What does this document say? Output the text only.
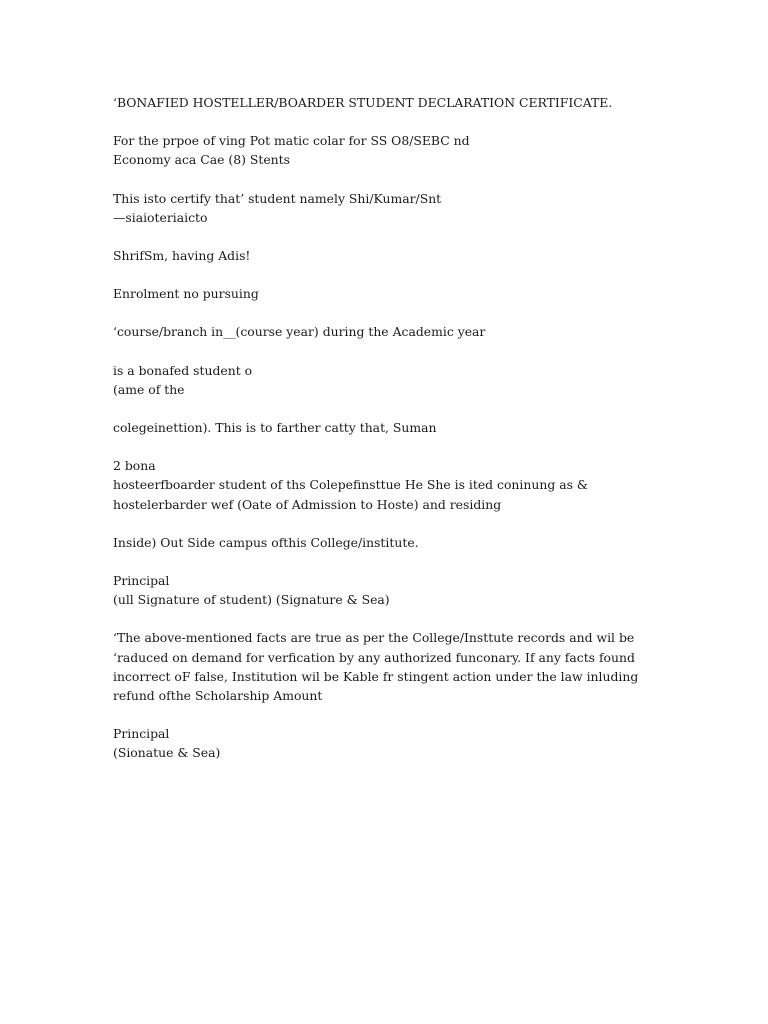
‘BONAFIED HOSTELLER/BOARDER STUDENT DECLARATION CERTIFICATE.

For the prpoe of ving Pot matic colar for SS O8/SEBC nd
Economy aca Cae (8) Stents

This isto certify that’ student namely Shi/Kumar/Snt
—siaioteriaicto

ShrifSm, having Adis!

Enrolment no pursuing

‘course/branch in__(course year) during the Academic year

is a bonafed student o
(ame of the

colegeinettion). This is to farther catty that, Suman

2 bona
hosteerfboarder student of ths Colepefinsttue He She is ited coninung as &
hostelerbarder wef (Oate of Admission to Hoste) and residing

Inside) Out Side campus ofthis College/institute.

Principal
(ull Signature of student) (Signature & Sea)

‘The above-mentioned facts are true as per the College/Insttute records and wil be
‘raduced on demand for verfication by any authorized funconary. If any facts found
incorrect oF false, Institution wil be Kable fr stingent action under the law inluding
refund ofthe Scholarship Amount

Principal
(Sionatue & Sea)
